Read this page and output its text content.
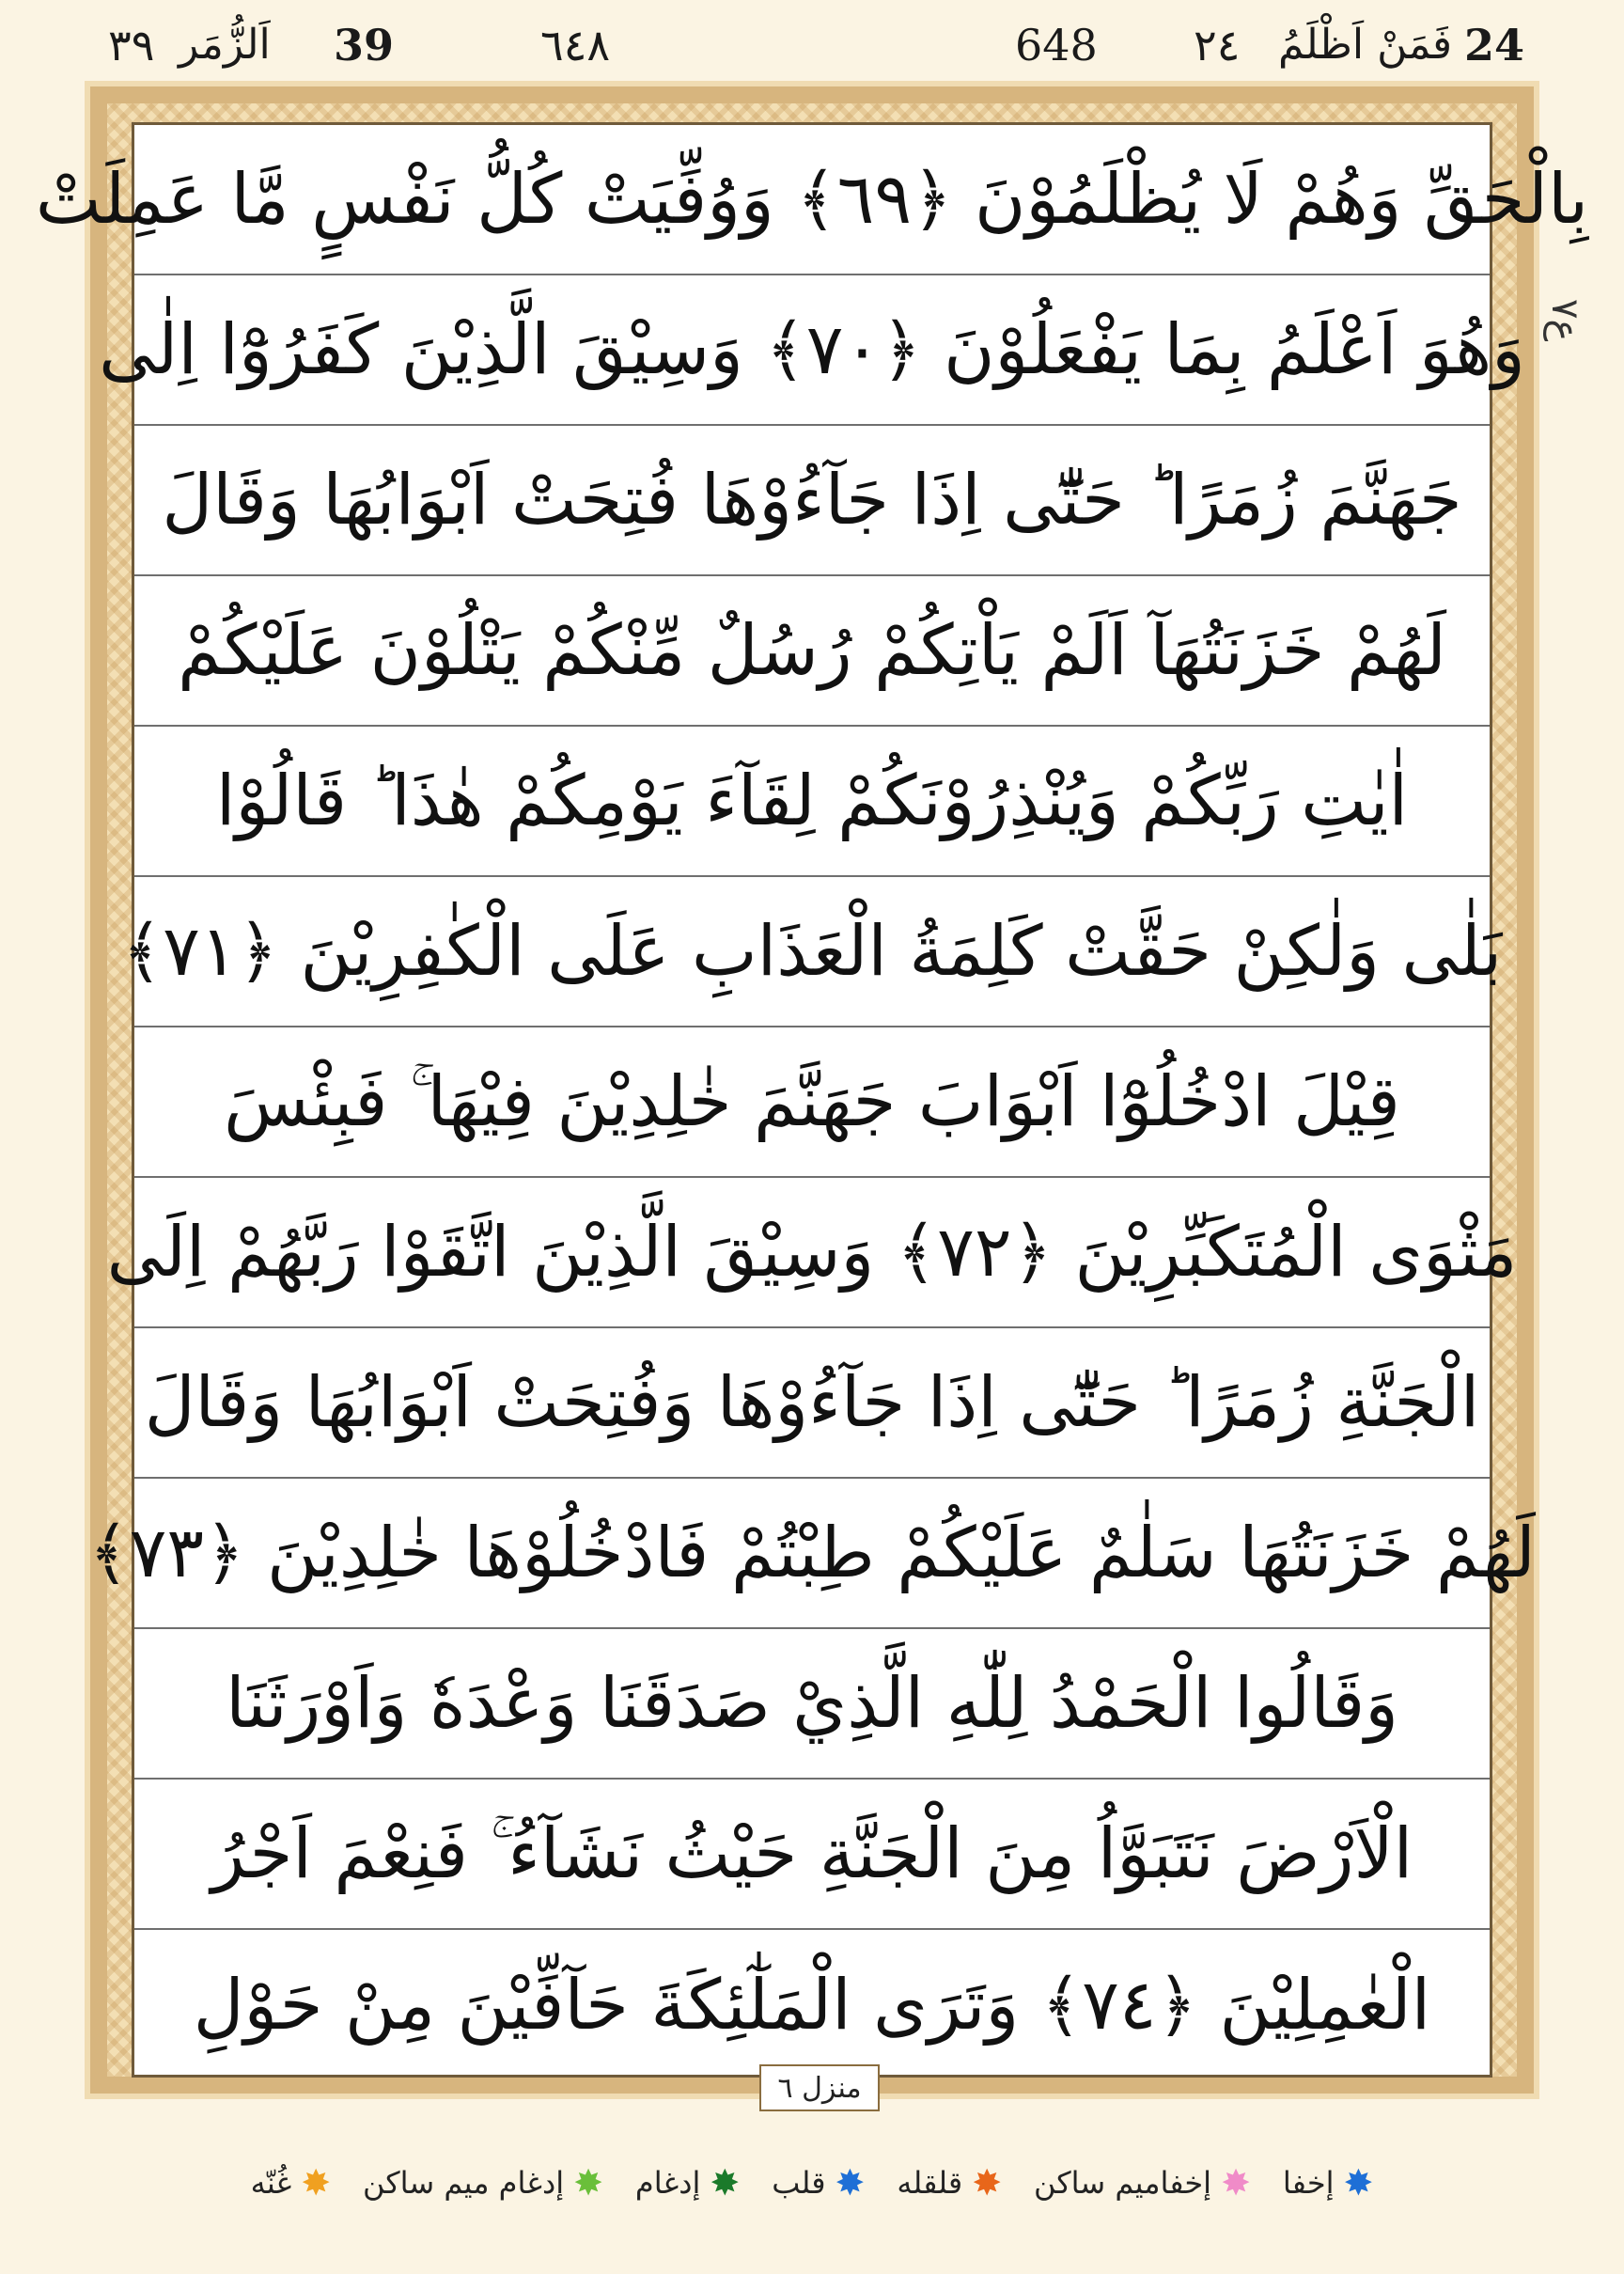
24
فَمَنْ اَظْلَمُ
٢٤
648
٦٤٨
39
اَلزُّمَر
٣٩
ع٧
بِالْحَقِّ وَهُمْ لَا يُظْلَمُوْنَ ﴿٦٩﴾ وَوُفِّيَتْ كُلُّ نَفْسٍ مَّا عَمِلَتْ
وَهُوَ اَعْلَمُ بِمَا يَفْعَلُوْنَ ﴿٧٠﴾ وَسِيْقَ الَّذِيْنَ كَفَرُوْٓا اِلٰى
جَهَنَّمَ زُمَرًا ؕ حَتّٰٓى اِذَا جَآءُوْهَا فُتِحَتْ اَبْوَابُهَا وَقَالَ
لَهُمْ خَزَنَتُهَآ اَلَمْ يَاْتِكُمْ رُسُلٌ مِّنْكُمْ يَتْلُوْنَ عَلَيْكُمْ
اٰيٰتِ رَبِّكُمْ وَيُنْذِرُوْنَكُمْ لِقَآءَ يَوْمِكُمْ هٰذَا ؕ قَالُوْا
بَلٰى وَلٰكِنْ حَقَّتْ كَلِمَةُ الْعَذَابِ عَلَى الْكٰفِرِيْنَ ﴿٧١﴾
قِيْلَ ادْخُلُوْٓا اَبْوَابَ جَهَنَّمَ خٰلِدِيْنَ فِيْهَا ۚ فَبِئْسَ
مَثْوَى الْمُتَكَبِّرِيْنَ ﴿٧٢﴾ وَسِيْقَ الَّذِيْنَ اتَّقَوْا رَبَّهُمْ اِلَى
الْجَنَّةِ زُمَرًا ؕ حَتّٰٓى اِذَا جَآءُوْهَا وَفُتِحَتْ اَبْوَابُهَا وَقَالَ
لَهُمْ خَزَنَتُهَا سَلٰمٌ عَلَيْكُمْ طِبْتُمْ فَادْخُلُوْهَا خٰلِدِيْنَ ﴿٧٣﴾
وَقَالُوا الْحَمْدُ لِلّٰهِ الَّذِيْ صَدَقَنَا وَعْدَهٗ وَاَوْرَثَنَا
الْاَرْضَ نَتَبَوَّاُ مِنَ الْجَنَّةِ حَيْثُ نَشَآءُ ۚ فَنِعْمَ اَجْرُ
الْعٰمِلِيْنَ ﴿٧٤﴾ وَتَرَى الْمَلٰٓئِكَةَ حَآفِّيْنَ مِنْ حَوْلِ
منزل ٦
✸
إخفا
✸
إخفاميم ساكن
✸
قلقله
✸
قلب
✸
إدغام
✸
إدغام ميم ساكن
✸
غُنّه
